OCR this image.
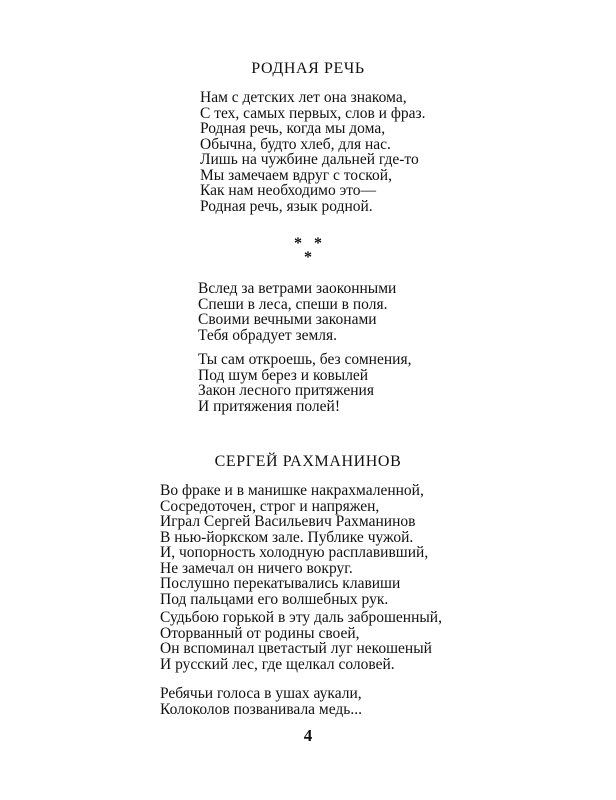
РОДНАЯ РЕЧЬ
Нам с детских лет она знакома,
С тех, самых первых, слов и фраз.
Родная речь, когда мы дома,
Обычна, будто хлеб, для нас.
Лишь на чужбине дальней где-то
Мы замечаем вдруг с тоской,
Как нам необходимо это—
Родная речь, язык родной.
*   *
*
Вслед за ветрами заоконными
Спеши в леса, спеши в поля.
Своими вечными законами
Тебя обрадует земля.
Ты сам откроешь, без сомнения,
Под шум берез и ковылей
Закон лесного притяжения
И притяжения полей!
СЕРГЕЙ РАХМАНИНОВ
Во фраке и в манишке накрахмаленной,
Сосредоточен, строг и напряжен,
Играл Сергей Васильевич Рахманинов
В нью-йоркском зале. Публике чужой.
И, чопорность холодную расплавивший,
Не замечал он ничего вокруг.
Послушно перекатывались клавиши
Под пальцами его волшебных рук.
Судьбою горькой в эту даль заброшенный,
Оторванный от родины своей,
Он вспоминал цветастый луг некошеный
И русский лес, где щелкал соловей.
Ребячьи голоса в ушах аукали,
Колоколов позванивала медь...
4
